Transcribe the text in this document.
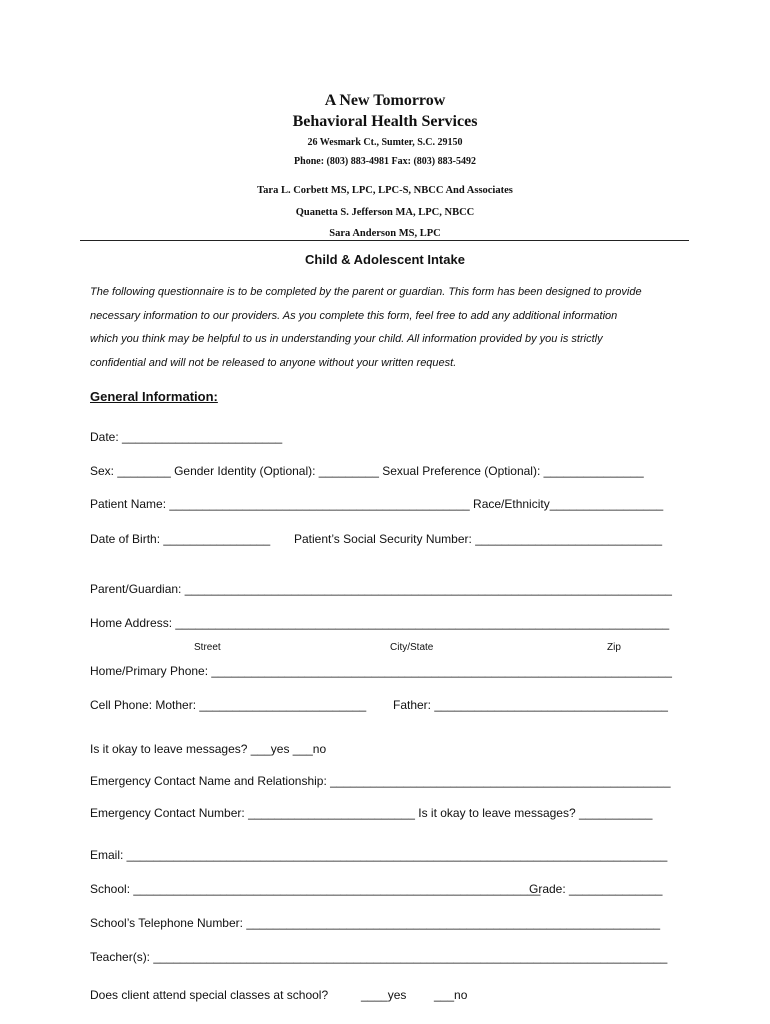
A New Tomorrow
Behavioral Health Services
26 Wesmark Ct., Sumter, S.C. 29150
Phone: (803) 883-4981 Fax: (803) 883-5492
Tara L. Corbett MS, LPC, LPC-S, NBCC And Associates
Quanetta S. Jefferson MA, LPC, NBCC
Sara Anderson MS, LPC
Child & Adolescent Intake
The following questionnaire is to be completed by the parent or guardian. This form has been designed to provide
necessary information to our providers. As you complete this form, feel free to add any additional information
which you think may be helpful to us in understanding your child. All information provided by you is strictly
confidential and will not be released to anyone without your written request.
General Information:
Date: ________________________
Sex: ________ Gender Identity (Optional): _________ Sexual Preference (Optional): _______________
Patient Name: _____________________________________________ Race/Ethnicity_________________
Date of Birth: ________________ Patient’s Social Security Number: ____________________________
Parent/Guardian: _________________________________________________________________________
Home Address: __________________________________________________________________________
Street	City/State	Zip
Home/Primary Phone: _____________________________________________________________________
Cell Phone: Mother: _________________________ Father: ___________________________________
Is it okay to leave messages? ___yes ___no
Emergency Contact Name and Relationship: ___________________________________________________
Emergency Contact Number: _________________________ Is it okay to leave messages? ___________
Email: _________________________________________________________________________________
School: _____________________________________________________________
Grade: ______________
School’s Telephone Number: ______________________________________________________________
Teacher(s): _____________________________________________________________________________
Does client attend special classes at school?	____yes ___no
